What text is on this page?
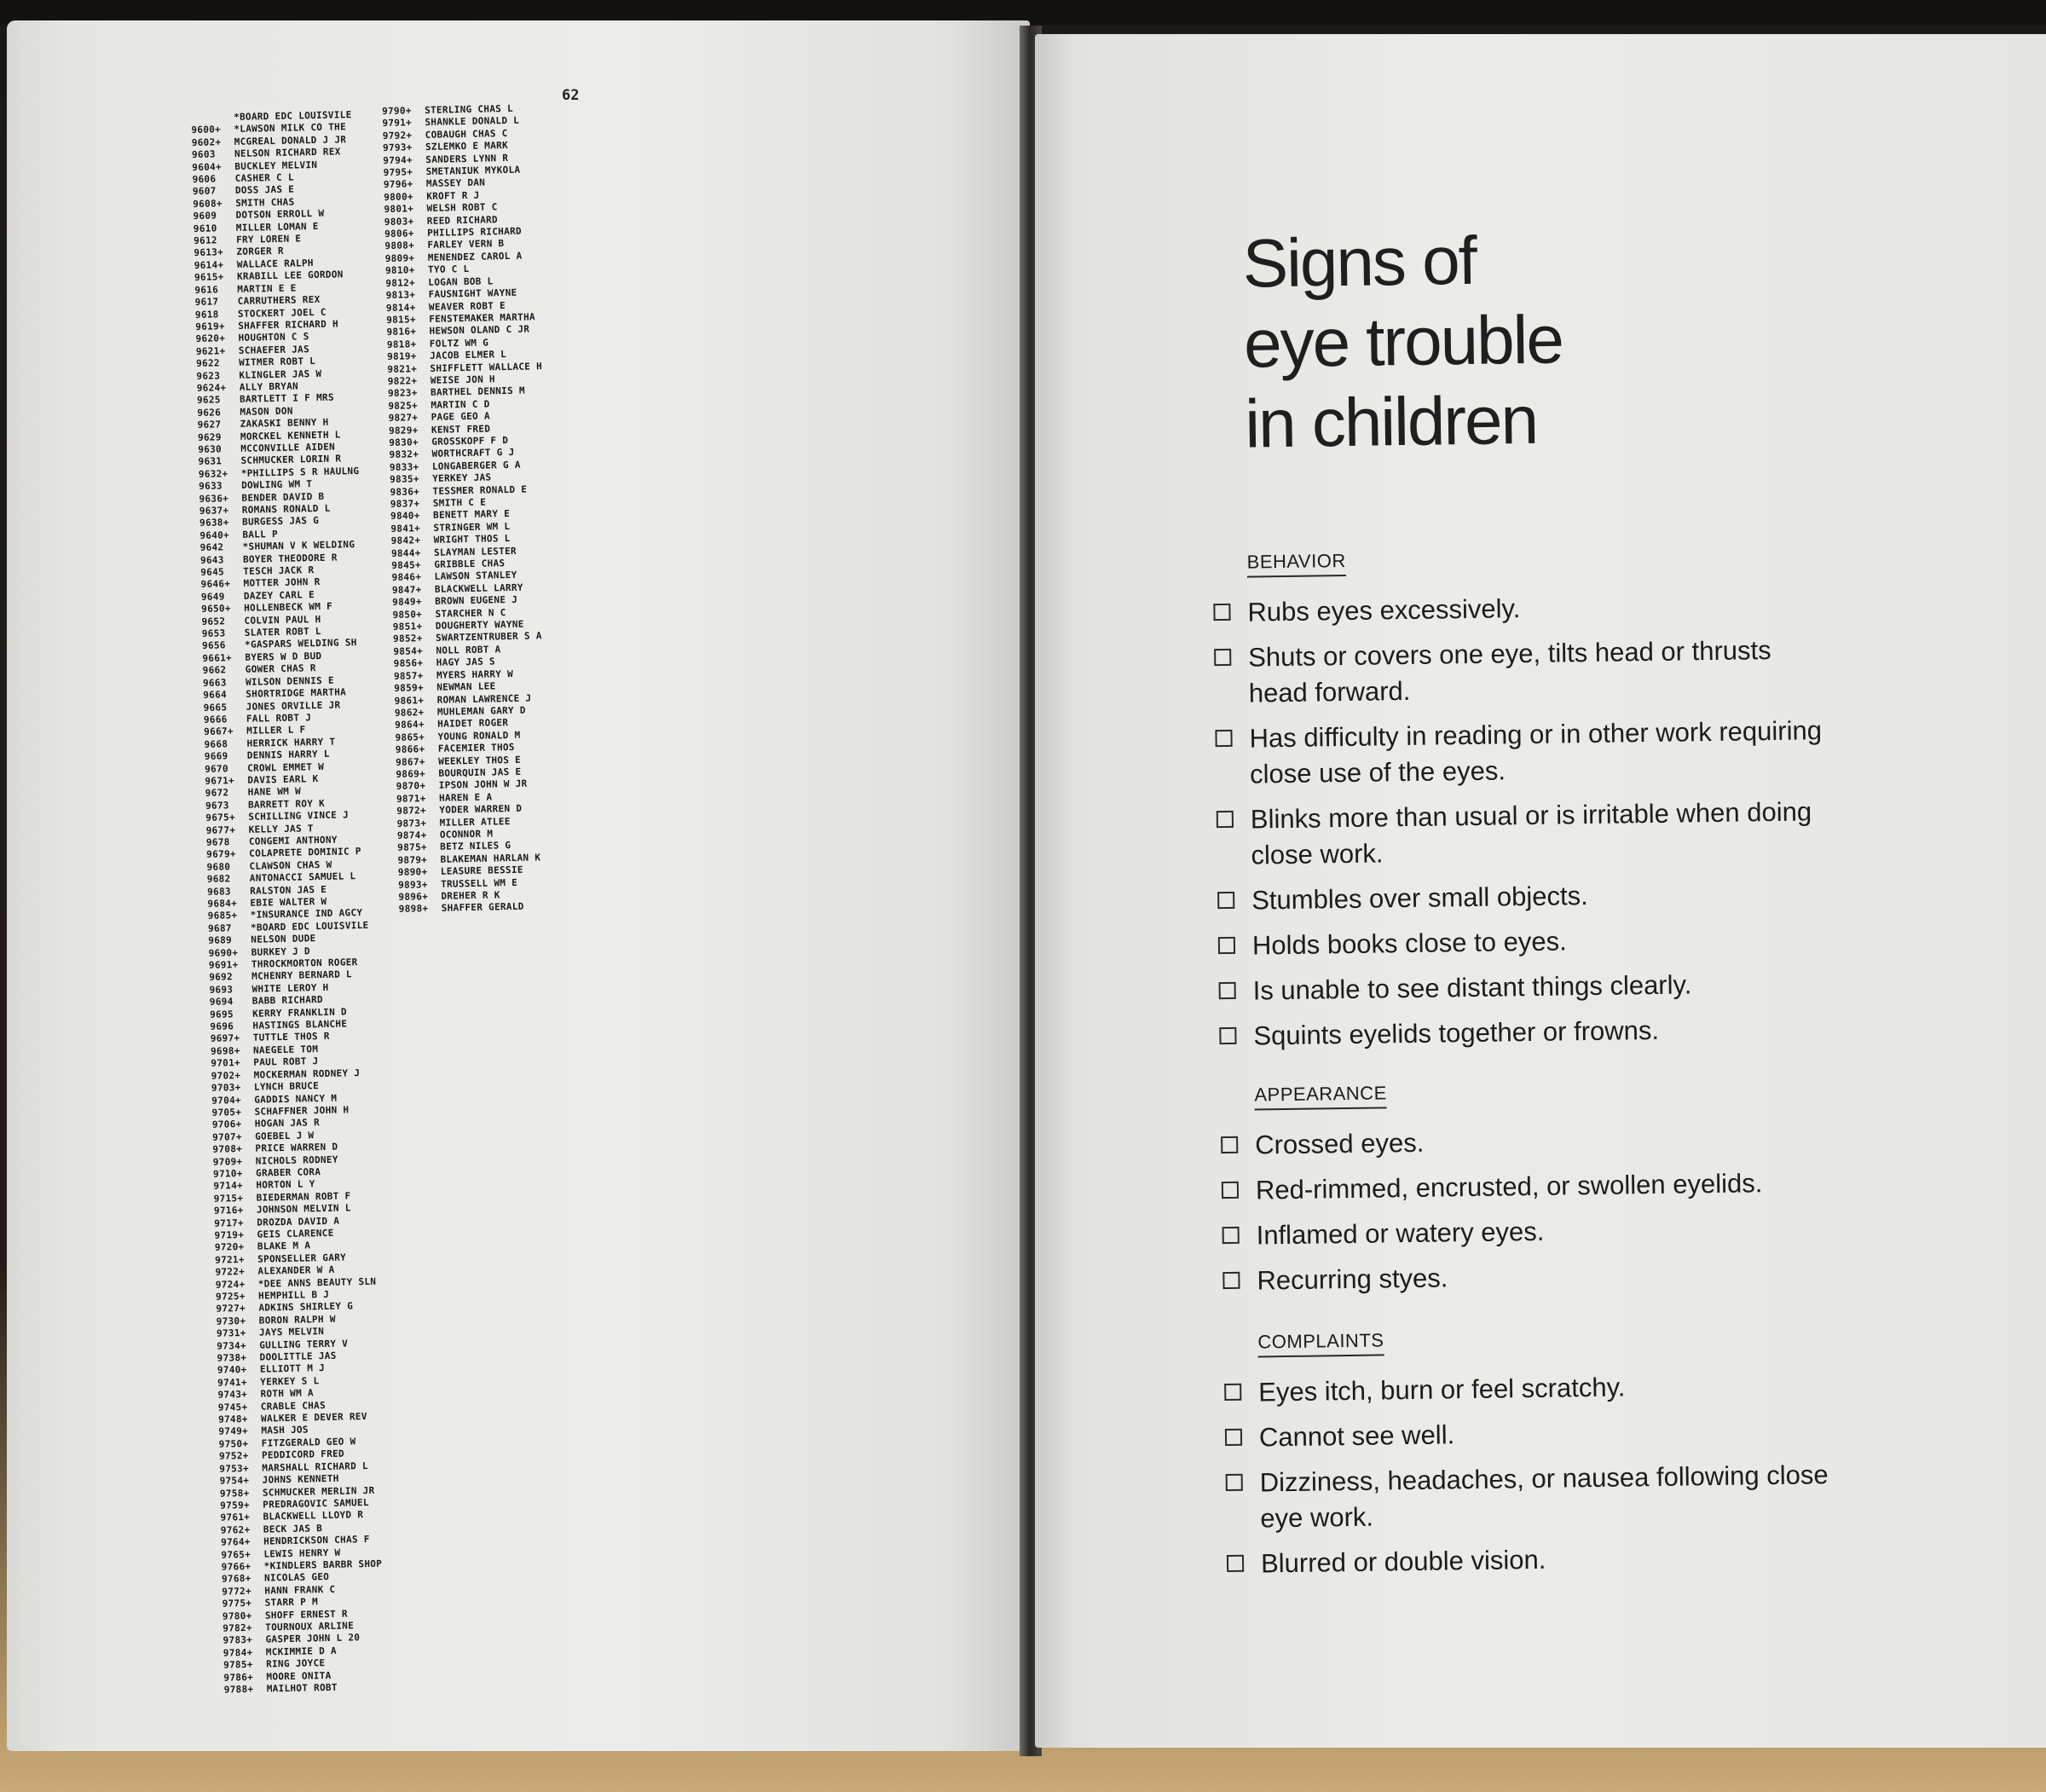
62
*BOARD EDC LOUISVILE
9600+ *LAWSON MILK CO THE
9602+ MCGREAL DONALD J JR
9603 NELSON RICHARD REX
9604+ BUCKLEY MELVIN
9606 CASHER C L
9607 DOSS JAS E
9608+ SMITH CHAS
9609 DOTSON ERROLL W
9610 MILLER LOMAN E
9612 FRY LOREN E
9613+ ZORGER R
9614+ WALLACE RALPH
9615+ KRABILL LEE GORDON
9616 MARTIN E E
9617 CARRUTHERS REX
9618 STOCKERT JOEL C
9619+ SHAFFER RICHARD H
9620+ HOUGHTON C S
9621+ SCHAEFER JAS
9622 WITMER ROBT L
9623 KLINGLER JAS W
9624+ ALLY BRYAN
9625 BARTLETT I F MRS
9626 MASON DON
9627 ZAKASKI BENNY H
9629 MORCKEL KENNETH L
9630 MCCONVILLE AIDEN
9631 SCHMUCKER LORIN R
9632+ *PHILLIPS S R HAULNG
9633 DOWLING WM T
9636+ BENDER DAVID B
9637+ ROMANS RONALD L
9638+ BURGESS JAS G
9640+ BALL P
9642 *SHUMAN V K WELDING
9643 BOYER THEODORE R
9645 TESCH JACK R
9646+ MOTTER JOHN R
9649 DAZEY CARL E
9650+ HOLLENBECK WM F
9652 COLVIN PAUL H
9653 SLATER ROBT L
9656 *GASPARS WELDING SH
9661+ BYERS W D BUD
9662 GOWER CHAS R
9663 WILSON DENNIS E
9664 SHORTRIDGE MARTHA
9665 JONES ORVILLE JR
9666 FALL ROBT J
9667+ MILLER L F
9668 HERRICK HARRY T
9669 DENNIS HARRY L
9670 CROWL EMMET W
9671+ DAVIS EARL K
9672 HANE WM W
9673 BARRETT ROY K
9675+ SCHILLING VINCE J
9677+ KELLY JAS T
9678 CONGEMI ANTHONY
9679+ COLAPRETE DOMINIC P
9680 CLAWSON CHAS W
9682 ANTONACCI SAMUEL L
9683 RALSTON JAS E
9684+ EBIE WALTER W
9685+ *INSURANCE IND AGCY
9687 *BOARD EDC LOUISVILE
9689 NELSON DUDE
9690+ BURKEY J D
9691+ THROCKMORTON ROGER
9692 MCHENRY BERNARD L
9693 WHITE LEROY H
9694 BABB RICHARD
9695 KERRY FRANKLIN D
9696 HASTINGS BLANCHE
9697+ TUTTLE THOS R
9698+ NAEGELE TOM
9701+ PAUL ROBT J
9702+ MOCKERMAN RODNEY J
9703+ LYNCH BRUCE
9704+ GADDIS NANCY M
9705+ SCHAFFNER JOHN H
9706+ HOGAN JAS R
9707+ GOEBEL J W
9708+ PRICE WARREN D
9709+ NICHOLS RODNEY
9710+ GRABER CORA
9714+ HORTON L Y
9715+ BIEDERMAN ROBT F
9716+ JOHNSON MELVIN L
9717+ DROZDA DAVID A
9719+ GEIS CLARENCE
9720+ BLAKE M A
9721+ SPONSELLER GARY
9722+ ALEXANDER W A
9724+ *DEE ANNS BEAUTY SLN
9725+ HEMPHILL B J
9727+ ADKINS SHIRLEY G
9730+ BORON RALPH W
9731+ JAYS MELVIN
9734+ GULLING TERRY V
9738+ DOOLITTLE JAS
9740+ ELLIOTT M J
9741+ YERKEY S L
9743+ ROTH WM A
9745+ CRABLE CHAS
9748+ WALKER E DEVER REV
9749+ MASH JOS
9750+ FITZGERALD GEO W
9752+ PEDDICORD FRED
9753+ MARSHALL RICHARD L
9754+ JOHNS KENNETH
9758+ SCHMUCKER MERLIN JR
9759+ PREDRAGOVIC SAMUEL
9761+ BLACKWELL LLOYD R
9762+ BECK JAS B
9764+ HENDRICKSON CHAS F
9765+ LEWIS HENRY W
9766+ *KINDLERS BARBR SHOP
9768+ NICOLAS GEO
9772+ HANN FRANK C
9775+ STARR P M
9780+ SHOFF ERNEST R
9782+ TOURNOUX ARLINE
9783+ GASPER JOHN L 20
9784+ MCKIMMIE D A
9785+ RING JOYCE
9786+ MOORE ONITA
9788+ MAILHOT ROBT
9790+ STERLING CHAS L
9791+ SHANKLE DONALD L
9792+ COBAUGH CHAS C
9793+ SZLEMKO E MARK
9794+ SANDERS LYNN R
9795+ SMETANIUK MYKOLA
9796+ MASSEY DAN
9800+ KROFT R J
9801+ WELSH ROBT C
9803+ REED RICHARD
9806+ PHILLIPS RICHARD
9808+ FARLEY VERN B
9809+ MENENDEZ CAROL A
9810+ TYO C L
9812+ LOGAN BOB L
9813+ FAUSNIGHT WAYNE
9814+ WEAVER ROBT E
9815+ FENSTEMAKER MARTHA
9816+ HEWSON OLAND C JR
9818+ FOLTZ WM G
9819+ JACOB ELMER L
9821+ SHIFFLETT WALLACE H
9822+ WEISE JON H
9823+ BARTHEL DENNIS M
9825+ MARTIN C D
9827+ PAGE GEO A
9829+ KENST FRED
9830+ GROSSKOPF F D
9832+ WORTHCRAFT G J
9833+ LONGABERGER G A
9835+ YERKEY JAS
9836+ TESSMER RONALD E
9837+ SMITH C E
9840+ BENETT MARY E
9841+ STRINGER WM L
9842+ WRIGHT THOS L
9844+ SLAYMAN LESTER
9845+ GRIBBLE CHAS
9846+ LAWSON STANLEY
9847+ BLACKWELL LARRY
9849+ BROWN EUGENE J
9850+ STARCHER N C
9851+ DOUGHERTY WAYNE
9852+ SWARTZENTRUBER S A
9854+ NOLL ROBT A
9856+ HAGY JAS S
9857+ MYERS HARRY W
9859+ NEWMAN LEE
9861+ ROMAN LAWRENCE J
9862+ MUHLEMAN GARY D
9864+ HAIDET ROGER
9865+ YOUNG RONALD M
9866+ FACEMIER THOS
9867+ WEEKLEY THOS E
9869+ BOURQUIN JAS E
9870+ IPSON JOHN W JR
9871+ HAREN E A
9872+ YODER WARREN D
9873+ MILLER ATLEE
9874+ OCONNOR M
9875+ BETZ NILES G
9879+ BLAKEMAN HARLAN K
9890+ LEASURE BESSIE
9893+ TRUSSELL WM E
9896+ DREHER R K
9898+ SHAFFER GERALD
Signs of
eye trouble
in children
BEHAVIOR
Rubs eyes excessively.
Shuts or covers one eye, tilts head or thrusts head forward.
Has difficulty in reading or in other work requiring close use of the eyes.
Blinks more than usual or is irritable when doing close work.
Stumbles over small objects.
Holds books close to eyes.
Is unable to see distant things clearly.
Squints eyelids together or frowns.
APPEARANCE
Crossed eyes.
Red-rimmed, encrusted, or swollen eyelids.
Inflamed or watery eyes.
Recurring styes.
COMPLAINTS
Eyes itch, burn or feel scratchy.
Cannot see well.
Dizziness, headaches, or nausea following close eye work.
Blurred or double vision.
